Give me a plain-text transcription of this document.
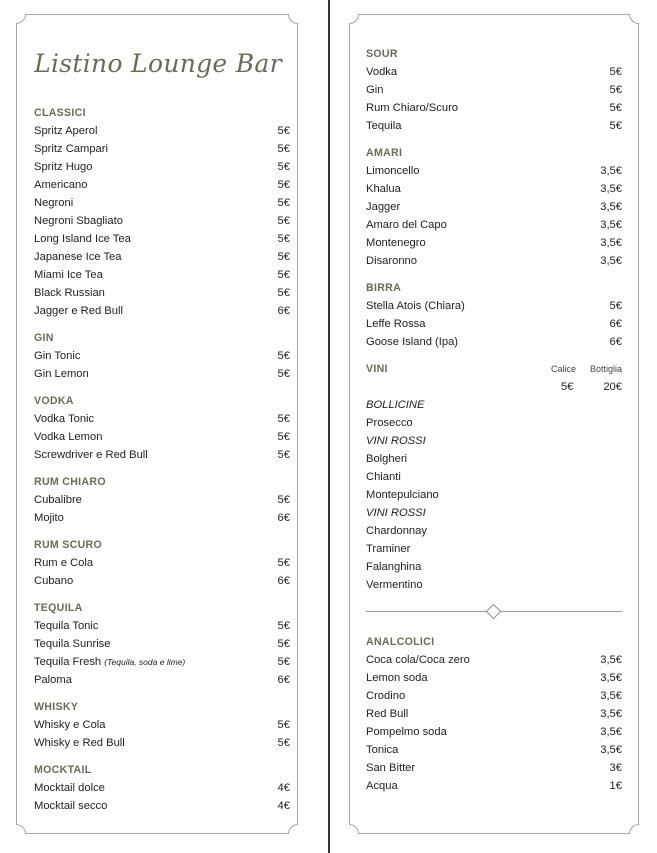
Listino Lounge Bar
CLASSICI
Spritz Aperol	5€
Spritz Campari	5€
Spritz Hugo	5€
Americano	5€
Negroni	5€
Negroni Sbagliato	5€
Long Island Ice Tea	5€
Japanese Ice Tea	5€
Miami Ice Tea	5€
Black Russian	5€
Jagger e Red Bull	6€
GIN
Gin Tonic	5€
Gin Lemon	5€
VODKA
Vodka Tonic	5€
Vodka Lemon	5€
Screwdriver e Red Bull	5€
RUM CHIARO
Cubalibre	5€
Mojito	6€
RUM SCURO
Rum e Cola	5€
Cubano	6€
TEQUILA
Tequila Tonic	5€
Tequila Sunrise	5€
Tequila Fresh (Tequila, soda e lime)	5€
Paloma	6€
WHISKY
Whisky e Cola	5€
Whisky e Red Bull	5€
MOCKTAIL
Mocktail dolce	4€
Mocktail secco	4€
SOUR
Vodka	5€
Gin	5€
Rum Chiaro/Scuro	5€
Tequila	5€
AMARI
Limoncello	3,5€
Khalua	3,5€
Jagger	3,5€
Amaro del Capo	3,5€
Montenegro	3,5€
Disaronno	3,5€
BIRRA
Stella Atois (Chiara)	5€
Leffe Rossa	6€
Goose Island (Ipa)	6€
VINI	Calice Bottiglia
5€	20€
BOLLICINE
Prosecco
VINI ROSSI
Bolgheri
Chianti
Montepulciano
VINI ROSSI
Chardonnay
Traminer
Falanghina
Vermentino
ANALCOLICI
Coca cola/Coca zero	3,5€
Lemon soda	3,5€
Crodino	3,5€
Red Bull	3,5€
Pompelmo soda	3,5€
Tonica	3,5€
San Bitter	3€
Acqua	1€
